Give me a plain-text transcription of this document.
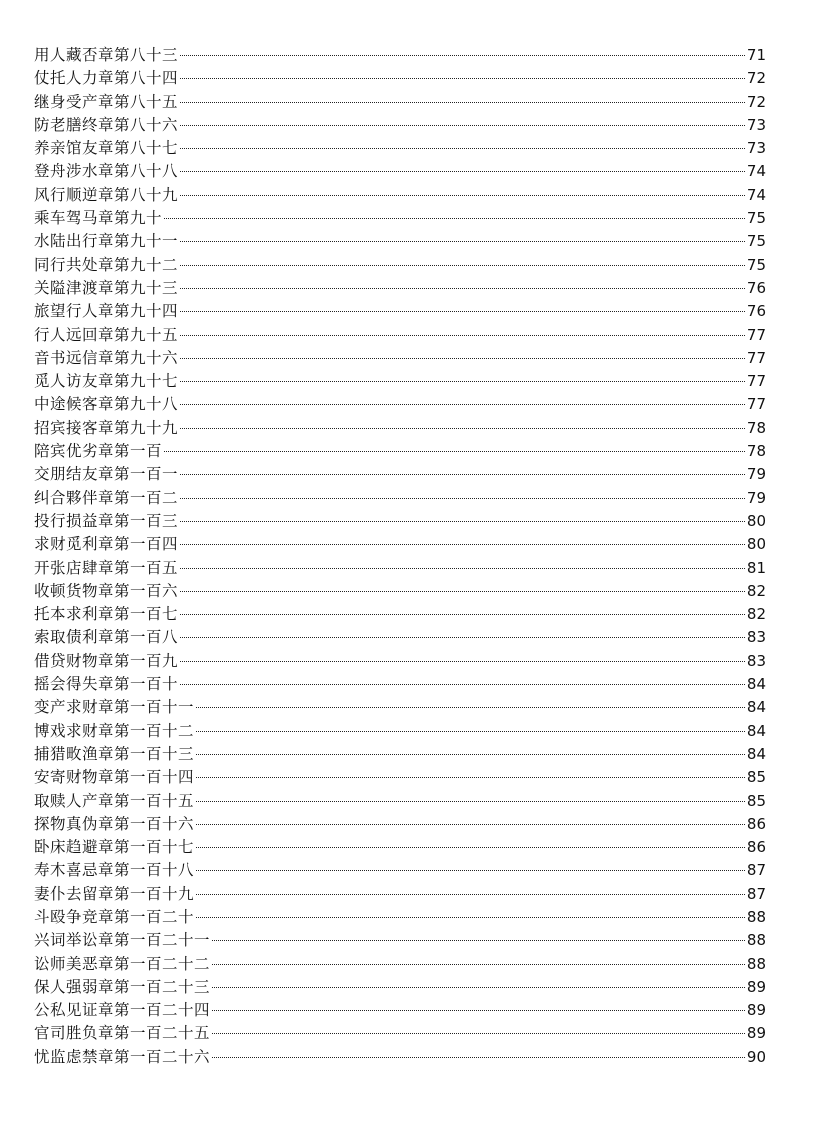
用人藏否章第八十三	71
仗托人力章第八十四	72
继身受产章第八十五	72
防老膳终章第八十六	73
养亲馆友章第八十七	73
登舟涉水章第八十八	74
风行顺逆章第八十九	74
乘车驾马章第九十	75
水陆出行章第九十一	75
同行共处章第九十二	75
关隘津渡章第九十三	76
旅望行人章第九十四	76
行人远回章第九十五	77
音书远信章第九十六	77
觅人访友章第九十七	77
中途候客章第九十八	77
招宾接客章第九十九	78
陪宾优劣章第一百	78
交朋结友章第一百一	79
纠合夥伴章第一百二	79
投行损益章第一百三	80
求财觅利章第一百四	80
开张店肆章第一百五	81
收顿货物章第一百六	82
托本求利章第一百七	82
索取债利章第一百八	83
借贷财物章第一百九	83
摇会得失章第一百十	84
变产求财章第一百十一	84
博戏求财章第一百十二	84
捕猎畋渔章第一百十三	84
安寄财物章第一百十四	85
取赎人产章第一百十五	85
探物真伪章第一百十六	86
卧床趋避章第一百十七	86
寿木喜忌章第一百十八	87
妻仆去留章第一百十九	87
斗殴争竞章第一百二十	88
兴词举讼章第一百二十一	88
讼师美恶章第一百二十二	88
保人强弱章第一百二十三	89
公私见证章第一百二十四	89
官司胜负章第一百二十五	89
忧监虑禁章第一百二十六	90
